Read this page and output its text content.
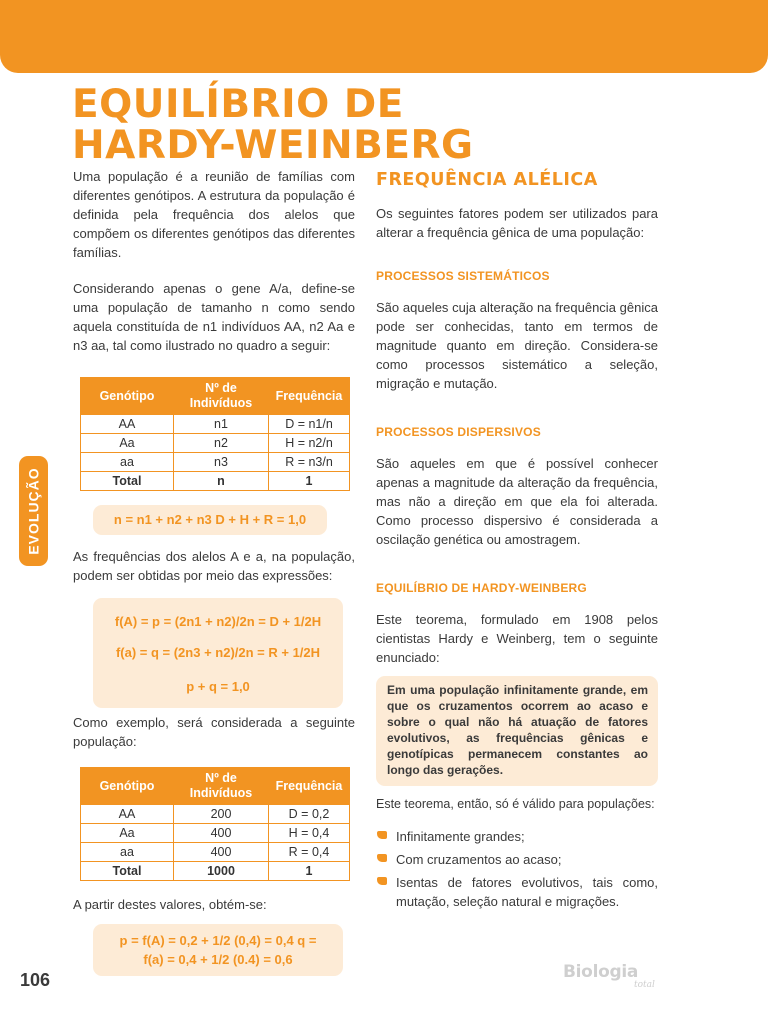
EQUILÍBRIO DE
HARDY-WEINBERG
EVOLUÇÃO

Uma população é a reunião de famílias com diferentes genótipos. A estrutura da população é definida pela frequência dos alelos que compõem os diferentes genótipos das diferentes famílias.

Considerando apenas o gene A/a, define-se uma população de tamanho n como sendo aquela constituída de n1 indivíduos AA, n2 Aa e n3 aa, tal como ilustrado no quadro a seguir:

Genótipo	Nº de Indivíduos	Frequência
AA	n1	D = n1/n
Aa	n2	H = n2/n
aa	n3	R = n3/n
Total	n	1
n = n1 + n2 + n3 D + H + R = 1,0

As frequências dos alelos A e a, na população, podem ser obtidas por meio das expressões:

f(A) = p = (2n1 + n2)/2n = D + 1/2H
f(a) = q = (2n3 + n2)/2n = R + 1/2H
p + q = 1,0

Como exemplo, será considerada a seguinte população:

Genótipo	Nº de Indivíduos	Frequência
AA	200	D = 0,2
Aa	400	H = 0,4
aa	400	R = 0,4
Total	1000	1

A partir destes valores, obtém-se:

p = f(A) = 0,2 + 1/2 (0,4) = 0,4 q =
f(a) = 0,4 + 1/2 (0.4) = 0,6
FREQUÊNCIA ALÉLICA

Os seguintes fatores podem ser utilizados para alterar a frequência gênica de uma população:

PROCESSOS SISTEMÁTICOS

São aqueles cuja alteração na frequência gênica pode ser conhecidas, tanto em termos de magnitude quanto em direção. Considera-se como processos sistemático a seleção, migração e mutação.

PROCESSOS DISPERSIVOS

São aqueles em que é possível conhecer apenas a magnitude da alteração da frequência, mas não a direção em que ela foi alterada. Como processo dispersivo é considerada a oscilação genética ou amostragem.

EQUILÍBRIO DE HARDY-WEINBERG

Este teorema, formulado em 1908 pelos cientistas Hardy e Weinberg, tem o seguinte enunciado:

Em uma população infinitamente grande, em que os cruzamentos ocorrem ao acaso e sobre o qual não há atuação de fatores evolutivos, as frequências gênicas e genotípicas permanecem constantes ao longo das gerações.

Este teorema, então, só é válido para populações:

Infinitamente grandes;
Com cruzamentos ao acaso;
Isentas de fatores evolutivos, tais como, mutação, seleção natural e migrações.
106	Biologia
total
